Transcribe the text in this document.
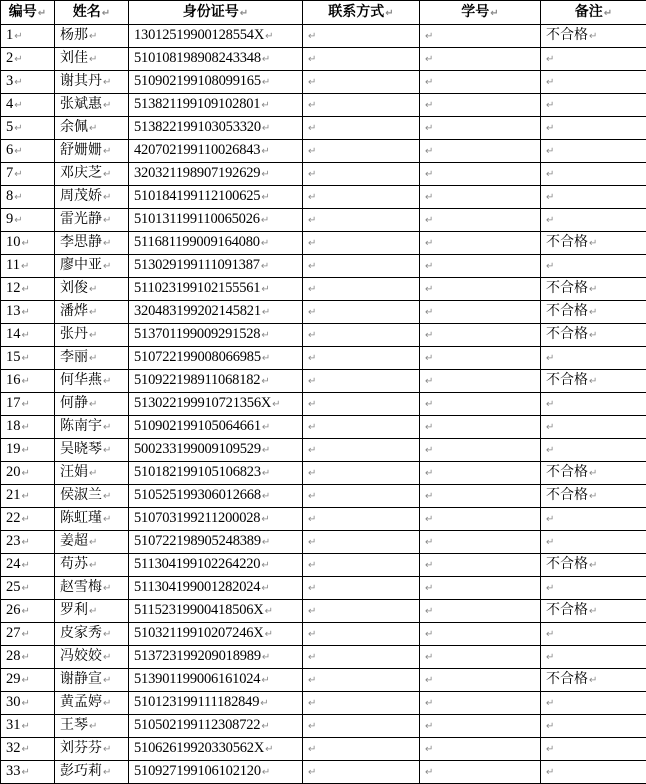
编号↵	姓名↵	身份证号↵	联系方式↵	学号↵	备注↵
1↵	杨那↵	13012519900128554X↵	↵	↵	不合格↵
2↵	刘佳↵	510108198908243348↵	↵	↵	↵
3↵	谢其丹↵	510902199108099165↵	↵	↵	↵
4↵	张斌惠↵	513821199109102801↵	↵	↵	↵
5↵	余佩↵	513822199103053320↵	↵	↵	↵
6↵	舒姗姗↵	420702199110026843↵	↵	↵	↵
7↵	邓庆芝↵	320321198907192629↵	↵	↵	↵
8↵	周茂娇↵	510184199112100625↵	↵	↵	↵
9↵	雷光静↵	510131199110065026↵	↵	↵	↵
10↵	李思静↵	511681199009164080↵	↵	↵	不合格↵
11↵	廖中亚↵	513029199111091387↵	↵	↵	↵
12↵	刘俊↵	511023199102155561↵	↵	↵	不合格↵
13↵	潘烨↵	320483199202145821↵	↵	↵	不合格↵
14↵	张丹↵	513701199009291528↵	↵	↵	不合格↵
15↵	李丽↵	510722199008066985↵	↵	↵	↵
16↵	何华燕↵	510922198911068182↵	↵	↵	不合格↵
17↵	何静↵	513022199910721356X↵	↵	↵	↵
18↵	陈南宇↵	510902199105064661↵	↵	↵	↵
19↵	吴晓琴↵	500233199009109529↵	↵	↵	↵
20↵	汪娟↵	510182199105106823↵	↵	↵	不合格↵
21↵	侯淑兰↵	510525199306012668↵	↵	↵	不合格↵
22↵	陈虹瑾↵	510703199211200028↵	↵	↵	↵
23↵	姜超↵	510722198905248389↵	↵	↵	↵
24↵	苟苏↵	511304199102264220↵	↵	↵	不合格↵
25↵	赵雪梅↵	511304199001282024↵	↵	↵	↵
26↵	罗利↵	51152319900418506X↵	↵	↵	不合格↵
27↵	皮家秀↵	51032119910207246X↵	↵	↵	↵
28↵	冯姣姣↵	513723199209018989↵	↵	↵	↵
29↵	谢静宣↵	513901199006161024↵	↵	↵	不合格↵
30↵	黄孟婷↵	510123199111182849↵	↵	↵	↵
31↵	王琴↵	510502199112308722↵	↵	↵	↵
32↵	刘芬芬↵	51062619920330562X↵	↵	↵	↵
33↵	彭巧莉↵	510927199106102120↵	↵	↵	↵
